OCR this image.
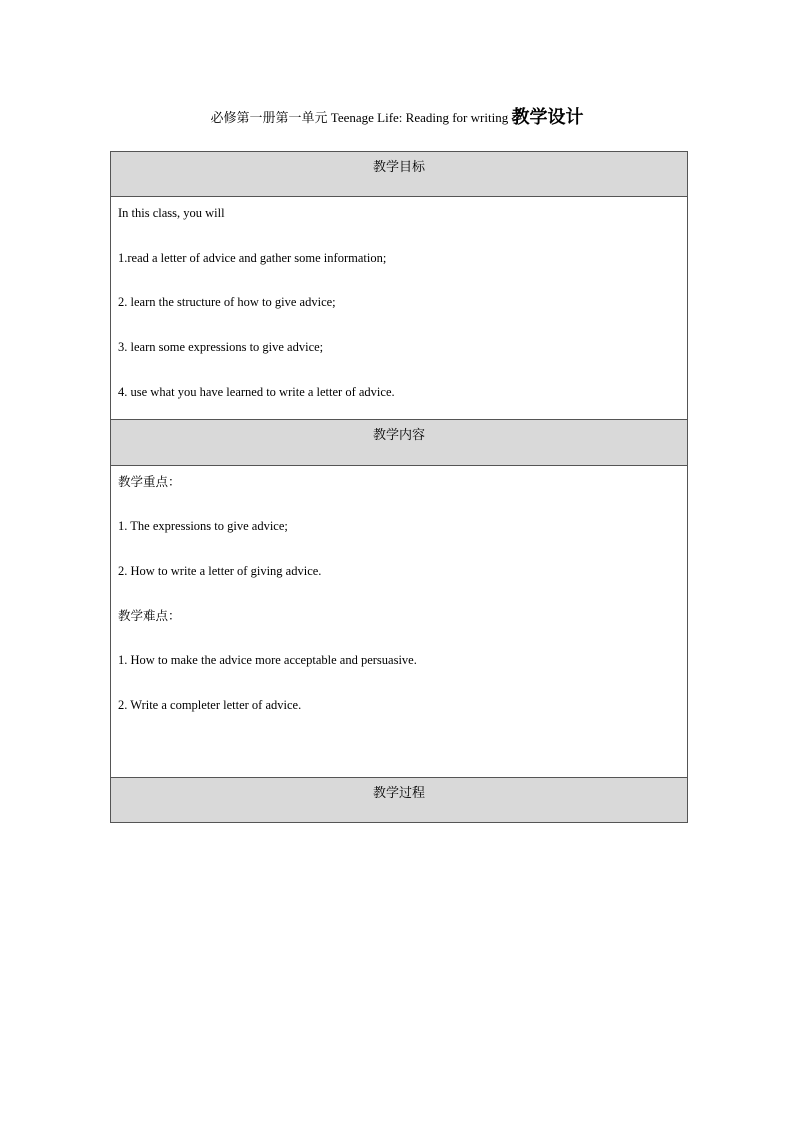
必修第一册第一单元 Teenage Life: Reading for writing 教学设计
教学目标
In this class, you will
1.read a letter of advice and gather some information;
2. learn the structure of how to give advice;
3. learn some expressions to give advice;
4. use what you have learned to write a letter of advice.
教学内容
教学重点：
1. The expressions to give advice;
2. How to write a letter of giving advice.
教学难点：
1. How to make the advice more acceptable and persuasive.
2. Write a completer letter of advice.
教学过程
